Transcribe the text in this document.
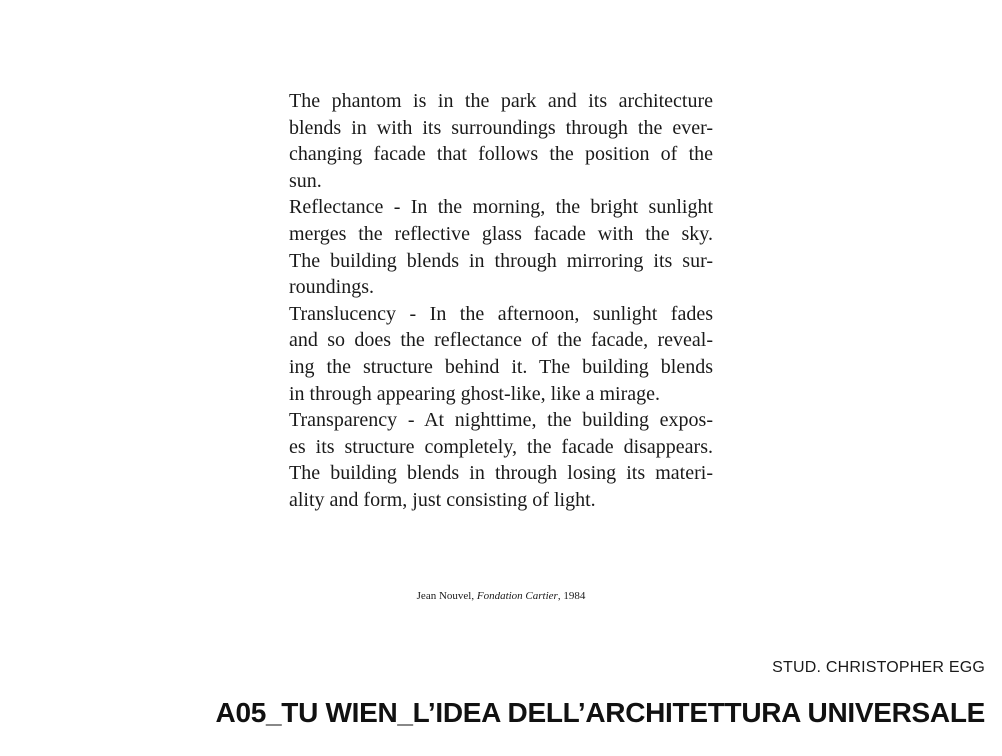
The phantom is in the park and its architecture
blends in with its surroundings through the ever-
changing facade that follows the position of the
sun.
Reflectance - In the morning, the bright sunlight
merges the reflective glass facade with the sky.
The building blends in through mirroring its sur-
roundings.
Translucency - In the afternoon, sunlight fades
and so does the reflectance of the facade, reveal-
ing the structure behind it. The building blends
in through appearing ghost-like, like a mirage.
Transparency - At nighttime, the building expos-
es its structure completely, the facade disappears.
The building blends in through losing its materi-
ality and form, just consisting of light.
Jean Nouvel, Fondation Cartier, 1984
STUD. CHRISTOPHER EGG
A05_TU WIEN_L’IDEA DELL’ARCHITETTURA UNIVERSALE
